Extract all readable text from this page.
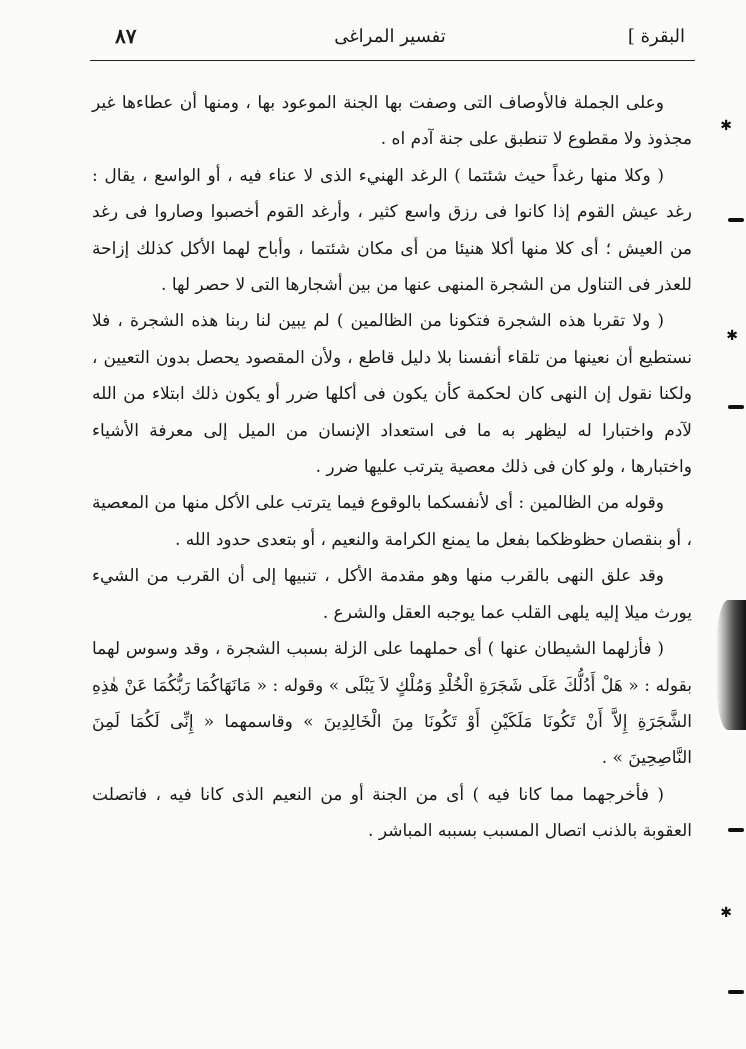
البقرة ]
تفسير المراغى
٨٧

وعلى الجملة فالأوصاف التى وصفت بها الجنة الموعود بها ، ومنها أن عطاءها غير مجذوذ ولا مقطوع لا تنطبق على جنة آدم اه .

( وكلا منها رغداً حيث شئتما ) الرغد الهنيء الذى لا عناء فيه ، أو الواسع ، يقال : رغد عيش القوم إذا كانوا فى رزق واسع كثير ، وأرغد القوم أخصبوا وصاروا فى رغد من العيش ؛ أى كلا منها أكلا هنيئا من أى مكان شئتما ، وأباح لهما الأكل كذلك إزاحة للعذر فى التناول من الشجرة المنهى عنها من بين أشجارها التى لا حصر لها .

( ولا تقربا هذه الشجرة فتكونا من الظالمين ) لم يبين لنا ربنا هذه الشجرة ، فلا نستطيع أن نعينها من تلقاء أنفسنا بلا دليل قاطع ، ولأن المقصود يحصل بدون التعيين ، ولكنا نقول إن النهى كان لحكمة كأن يكون فى أكلها ضرر أو يكون ذلك ابتلاء من الله لآدم واختبارا له ليظهر به ما فى استعداد الإنسان من الميل إلى معرفة الأشياء واختبارها ، ولو كان فى ذلك معصية يترتب عليها ضرر .

وقوله من الظالمين : أى لأنفسكما بالوقوع فيما يترتب على الأكل منها من المعصية ، أو بنقصان حظوظكما بفعل ما يمنع الكرامة والنعيم ، أو بتعدى حدود الله .

وقد علق النهى بالقرب منها وهو مقدمة الأكل ، تنبيها إلى أن القرب من الشيء يورث ميلا إليه يلهى القلب عما يوجبه العقل والشرع .

( فأزلهما الشيطان عنها ) أى حملهما على الزلة بسبب الشجرة ، وقد وسوس لهما بقوله : « هَلْ أَدُلُّكَ عَلَى شَجَرَةِ الْخُلْدِ وَمُلْكٍ لاَ يَبْلَى » وقوله : « مَانَهَاكُمَا رَبُّكُمَا عَنْ هٰذِهِ الشَّجَرَةِ إِلاَّ أَنْ تَكُونَا مَلَكَيْنِ أَوْ تَكُونَا مِنَ الْخَالِدِينَ » وقاسمهما « إِنِّى لَكُمَا لَمِنَ النَّاصِحِينَ » .

( فأخرجهما مما كانا فيه ) أى من الجنة أو من النعيم الذى كانا فيه ، فاتصلت العقوبة بالذنب اتصال المسبب بسببه المباشر .

✱
✱
✱
